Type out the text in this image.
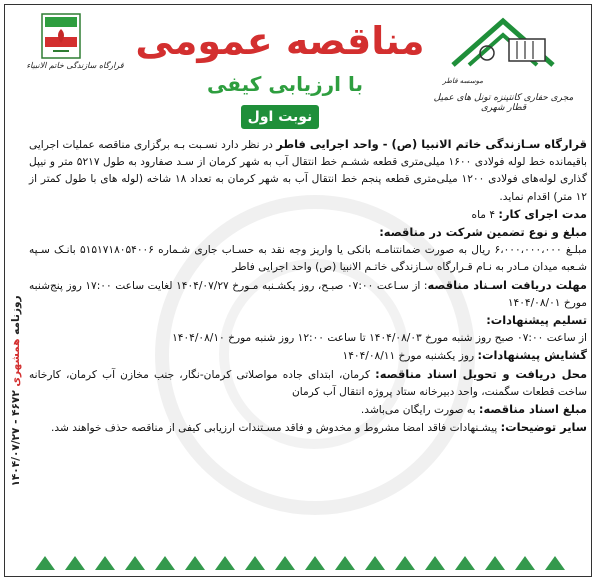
قرارگاه سازندگی خاتم الانبیاء
مناقصه عمومی
با ارزیابی کیفی
نوبت اول
موسسه فاطر
مجری حفاری کانتینزه تونل های عمیل قطار شهری

قرارگاه سـازندگی خاتم الانبیا (ص) - واحد اجرایی فاطر در نظر دارد نسـبت بـه برگزاری مناقصه عملیات اجرایی باقیمانده خط لوله فولادی ۱۶۰۰ میلی‌متری قطعه ششـم خط انتقال آب به شهر کرمان از سـد صفارود به طول ۵۲۱۷ متر و نیپل گذاری لوله‌های فولادی ۱۲۰۰ میلی‌متری قطعه پنجم خط انتقال آب به شهر کرمان به تعداد ۱۸ شاخه (لوله های با طول کمتر از ۱۲ متر) اقدام نماید.

مدت اجرای کار: ۴ ماه

مبلغ و نوع تضمین شرکت در مناقصه:

مبلـغ ۶،۰۰۰،۰۰۰،۰۰۰ ریال به صورت ضمانتنامـه بانکی یا واریز وجه نقد به حسـاب جاری شـماره ۵۱۵۱۷۱۸۰۵۴۰۰۶ بانـک سـپه شـعبه میدان مـادر به نـام قـرارگاه سـازندگی خاتـم الانبیا (ص) واحد اجرایی فاطر

مهلت دریافت اسـناد مناقصه: از سـاعت ۰۷:۰۰ صبـح، روز یکشـنبه مـورخ ۱۴۰۴/۰۷/۲۷ لغایت ساعت ۱۷:۰۰ روز پنج‌شنبه مورخ ۱۴۰۴/۰۸/۰۱

تسلیم پیشنهادات:

از ساعت ۰۷:۰۰ صبح روز شنبه مورخ ۱۴۰۴/۰۸/۰۳ تا ساعت ۱۲:۰۰ روز شنبه مورخ ۱۴۰۴/۰۸/۱۰

گشایش پیشنهادات: روز یکشنبه مورخ ۱۴۰۴/۰۸/۱۱

محل دریافت و تحویل اسناد مناقصه: کرمان، ابتدای جاده مواصلاتی کرمان-نگار، جنب مخازن آب کرمان، کارخانه ساخت قطعات سگمنت، واحد دبیرخانه ستاد پروژه انتقال آب کرمان

مبلغ اسناد مناقصه: به صورت رایگان می‌باشد.

سایر توضیحات: پیشـنهادات فاقد امضا مشروط و مخدوش و فاقد مسـتندات ارزیابی کیفی از مناقصه حذف خواهند شد.

روزنامه همشهری ۴۶۷۲ - ۱۴۰۴/۰۷/۲۷
